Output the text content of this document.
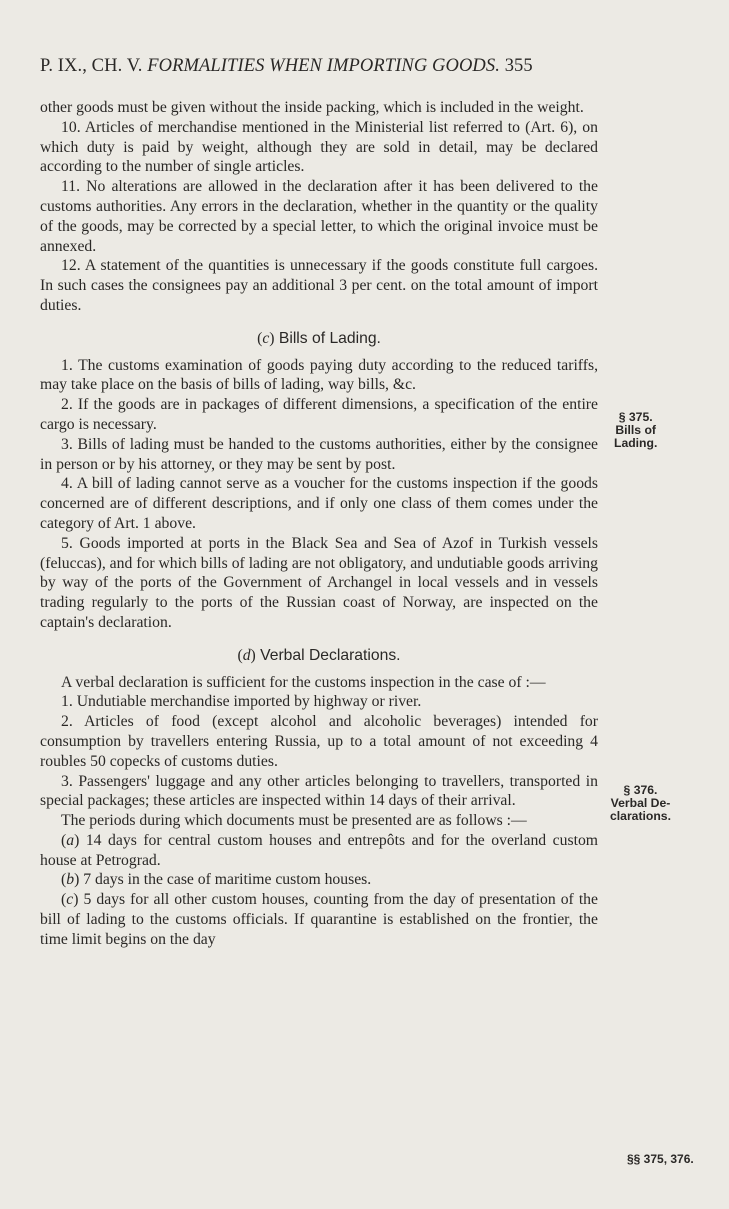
P. IX., CH. V. FORMALITIES WHEN IMPORTING GOODS. 355

other goods must be given without the inside packing, which is included in the weight.

10. Articles of merchandise mentioned in the Ministerial list referred to (Art. 6), on which duty is paid by weight, although they are sold in detail, may be declared according to the number of single articles.

11. No alterations are allowed in the declaration after it has been delivered to the customs authorities. Any errors in the declaration, whether in the quantity or the quality of the goods, may be corrected by a special letter, to which the original invoice must be annexed.

12. A statement of the quantities is unnecessary if the goods constitute full cargoes. In such cases the consignees pay an additional 3 per cent. on the total amount of import duties.

(c) Bills of Lading.

1. The customs examination of goods paying duty according to the reduced tariffs, may take place on the basis of bills of lading, way bills, &c.

2. If the goods are in packages of different dimensions, a specification of the entire cargo is necessary.

3. Bills of lading must be handed to the customs authorities, either by the consignee in person or by his attorney, or they may be sent by post.

4. A bill of lading cannot serve as a voucher for the customs inspection if the goods concerned are of different descriptions, and if only one class of them comes under the category of Art. 1 above.

5. Goods imported at ports in the Black Sea and Sea of Azof in Turkish vessels (feluccas), and for which bills of lading are not obligatory, and undutiable goods arriving by way of the ports of the Government of Archangel in local vessels and in vessels trading regularly to the ports of the Russian coast of Norway, are inspected on the captain's declaration.

(d) Verbal Declarations.

A verbal declaration is sufficient for the customs inspection in the case of :—

1. Undutiable merchandise imported by highway or river.

2. Articles of food (except alcohol and alcoholic beverages) intended for consumption by travellers entering Russia, up to a total amount of not exceeding 4 roubles 50 copecks of customs duties.

3. Passengers' luggage and any other articles belonging to travellers, transported in special packages; these articles are inspected within 14 days of their arrival.

The periods during which documents must be presented are as follows :—

(a) 14 days for central custom houses and entrepôts and for the overland custom house at Petrograd.

(b) 7 days in the case of maritime custom houses.

(c) 5 days for all other custom houses, counting from the day of presentation of the bill of lading to the customs officials. If quarantine is established on the frontier, the time limit begins on the day

§ 375.
Bills of
Lading.
§ 376.
Verbal De-
clarations.
§§ 375, 376.
